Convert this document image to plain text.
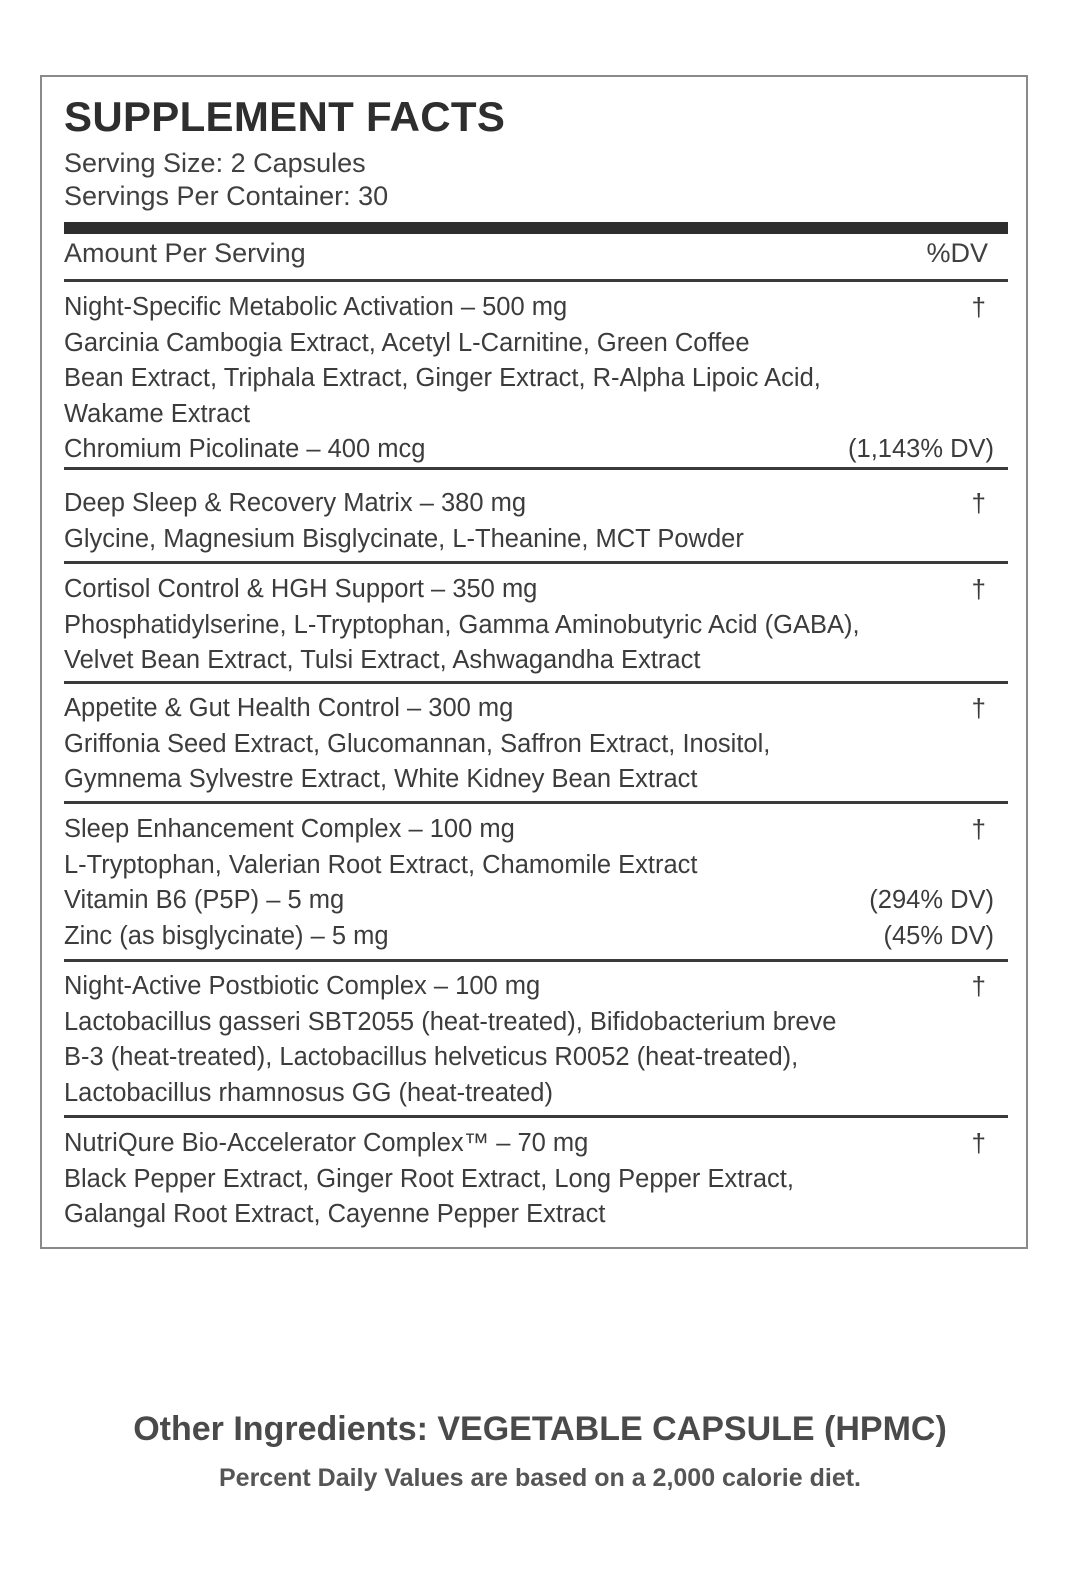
SUPPLEMENT FACTS
Serving Size: 2 Capsules
Servings Per Container: 30
Amount Per Serving	%DV
Night-Specific Metabolic Activation – 500 mg	†
Garcinia Cambogia Extract, Acetyl L-Carnitine, Green Coffee
Bean Extract, Triphala Extract, Ginger Extract, R-Alpha Lipoic Acid,
Wakame Extract
Chromium Picolinate – 400 mcg	(1,143% DV)
Deep Sleep & Recovery Matrix – 380 mg	†
Glycine, Magnesium Bisglycinate, L-Theanine, MCT Powder
Cortisol Control & HGH Support – 350 mg	†
Phosphatidylserine, L-Tryptophan, Gamma Aminobutyric Acid (GABA),
Velvet Bean Extract, Tulsi Extract, Ashwagandha Extract
Appetite & Gut Health Control – 300 mg	†
Griffonia Seed Extract, Glucomannan, Saffron Extract, Inositol,
Gymnema Sylvestre Extract, White Kidney Bean Extract
Sleep Enhancement Complex – 100 mg	†
L-Tryptophan, Valerian Root Extract, Chamomile Extract
Vitamin B6 (P5P) – 5 mg	(294% DV)
Zinc (as bisglycinate) – 5 mg	(45% DV)
Night-Active Postbiotic Complex – 100 mg	†
Lactobacillus gasseri SBT2055 (heat-treated), Bifidobacterium breve
B-3 (heat-treated), Lactobacillus helveticus R0052 (heat-treated),
Lactobacillus rhamnosus GG (heat-treated)
NutriQure Bio-Accelerator Complex™ – 70 mg	†
Black Pepper Extract, Ginger Root Extract, Long Pepper Extract,
Galangal Root Extract, Cayenne Pepper Extract
Other Ingredients: VEGETABLE CAPSULE (HPMC)
Percent Daily Values are based on a 2,000 calorie diet.
